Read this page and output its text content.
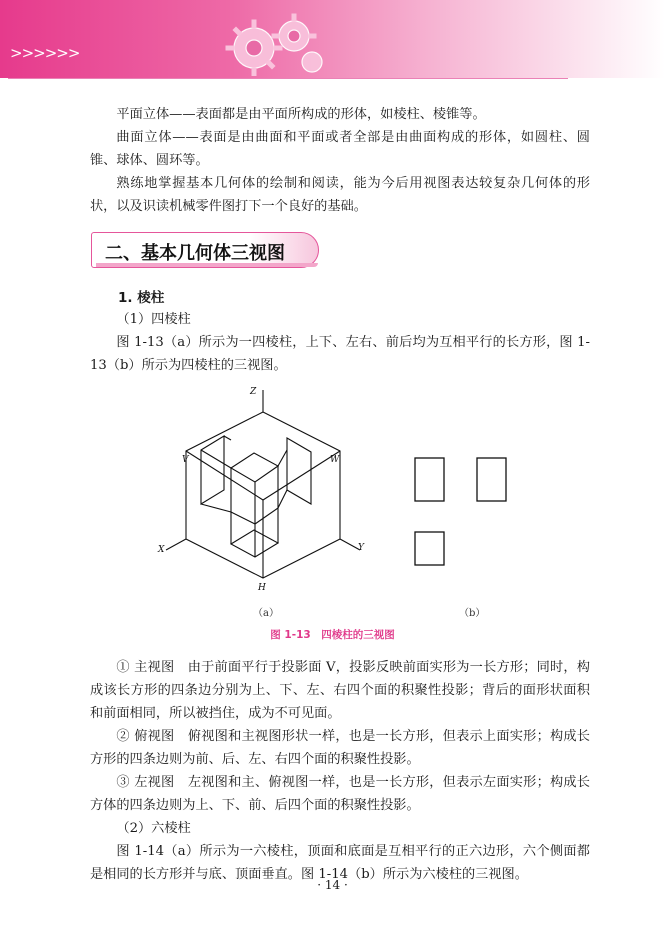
>>>>>>

平面立体——表面都是由平面所构成的形体，如棱柱、棱锥等。

曲面立体——表面是由曲面和平面或者全部是由曲面构成的形体，如圆柱、圆锥、球体、圆环等。

熟练地掌握基本几何体的绘制和阅读，能为今后用视图表达较复杂几何体的形状，以及识读机械零件图打下一个良好的基础。

二、基本几何体三视图
1. 棱柱

（1）四棱柱

图 1-13（a）所示为一四棱柱，上下、左右、前后均为互相平行的长方形，图 1-13（b）所示为四棱柱的三视图。

Z
X	Y
V	W
H
（a）	（b）
图 1-13　四棱柱的三视图

① 主视图　由于前面平行于投影面 V，投影反映前面实形为一长方形；同时，构成该长方形的四条边分别为上、下、左、右四个面的积聚性投影；背后的面形状面积和前面相同，所以被挡住，成为不可见面。

② 俯视图　俯视图和主视图形状一样，也是一长方形，但表示上面实形；构成长方形的四条边则为前、后、左、右四个面的积聚性投影。

③ 左视图　左视图和主、俯视图一样，也是一长方形，但表示左面实形；构成长方体的四条边则为上、下、前、后四个面的积聚性投影。

（2）六棱柱

图 1-14（a）所示为一六棱柱，顶面和底面是互相平行的正六边形，六个侧面都是相同的长方形并与底、顶面垂直。图 1-14（b）所示为六棱柱的三视图。

· 14 ·
